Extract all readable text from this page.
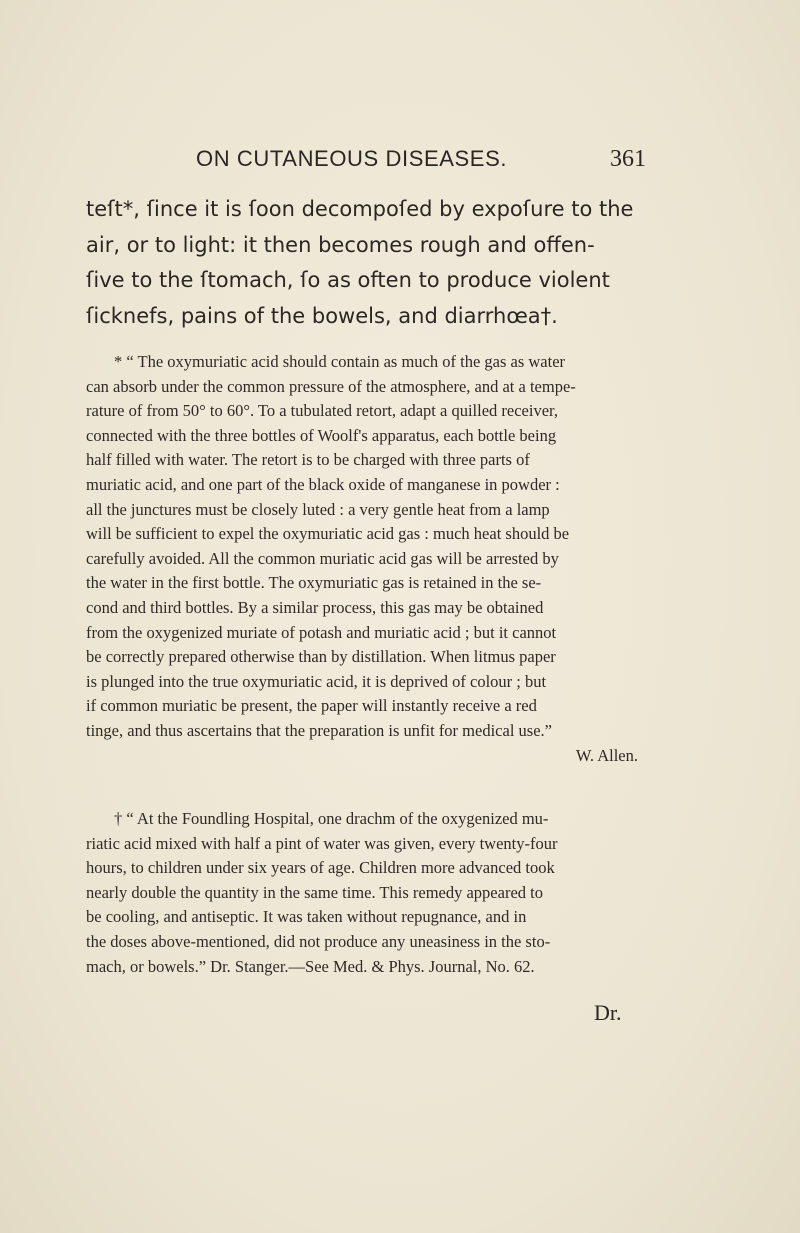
ON CUTANEOUS DISEASES.	361
teſt*, ſince it is ſoon decompoſed by expoſure to the
air, or to light: it then becomes rough and offen-
ſive to the ſtomach, ſo as often to produce violent
ſicknefs, pains of the bowels, and diarrhœa†.
* “ The oxymuriatic acid should contain as much of the gas as water
can absorb under the common pressure of the atmosphere, and at a tempe-
rature of from 50° to 60°. To a tubulated retort, adapt a quilled receiver,
connected with the three bottles of Woolf's apparatus, each bottle being
half filled with water. The retort is to be charged with three parts of
muriatic acid, and one part of the black oxide of manganese in powder :
all the junctures must be closely luted : a very gentle heat from a lamp
will be sufficient to expel the oxymuriatic acid gas : much heat should be
carefully avoided. All the common muriatic acid gas will be arrested by
the water in the first bottle. The oxymuriatic gas is retained in the se-
cond and third bottles. By a similar process, this gas may be obtained
from the oxygenized muriate of potash and muriatic acid ; but it cannot
be correctly prepared otherwise than by distillation. When litmus paper
is plunged into the true oxymuriatic acid, it is deprived of colour ; but
if common muriatic be present, the paper will instantly receive a red
tinge, and thus ascertains that the preparation is unfit for medical use.”
W. Allen.
† “ At the Foundling Hospital, one drachm of the oxygenized mu-
riatic acid mixed with half a pint of water was given, every twenty-four
hours, to children under six years of age. Children more advanced took
nearly double the quantity in the same time. This remedy appeared to
be cooling, and antiseptic. It was taken without repugnance, and in
the doses above-mentioned, did not produce any uneasiness in the sto-
mach, or bowels.” Dr. Stanger.—See Med. & Phys. Journal, No. 62.
Dr.
